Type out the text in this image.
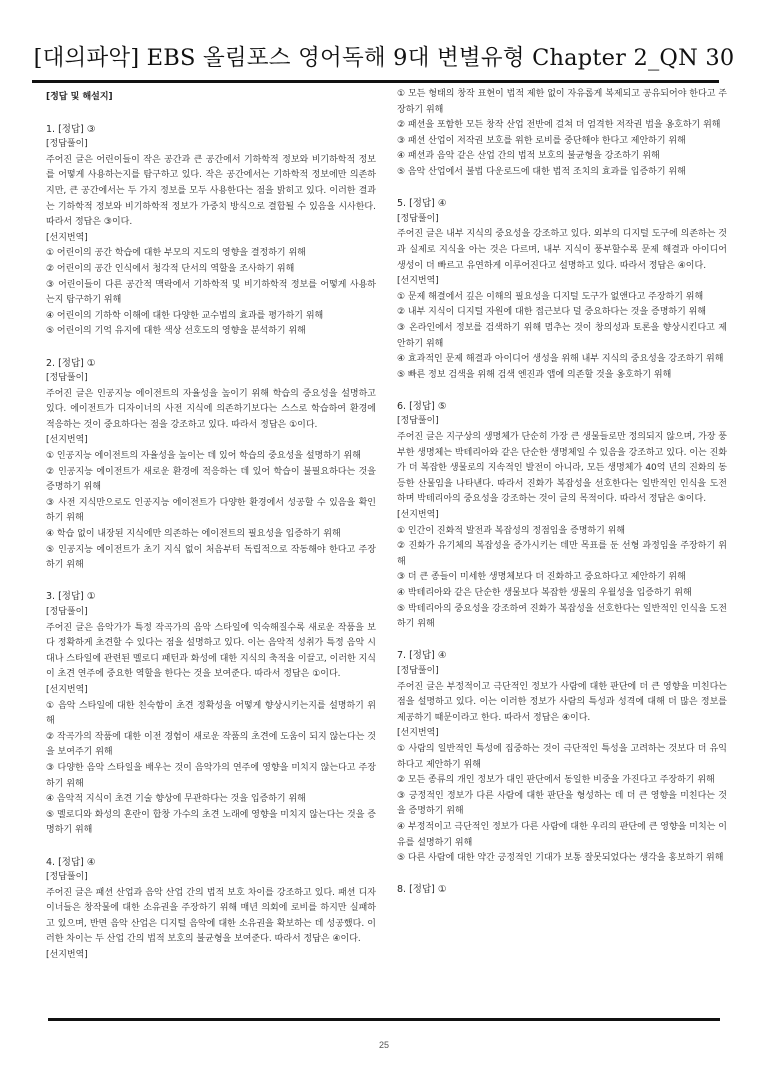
[대의파악] EBS 올림포스 영어독해 9대 변별유형 Chapter 2_QN 30
[정답 및 해설지]
1. [정답] ③
[정답풀이]
주어진 글은 어린이들이 작은 공간과 큰 공간에서 기하학적 정보와 비기하학적 정보를 어떻게 사용하는지를 탐구하고 있다. 작은 공간에서는 기하학적 정보에만 의존하지만, 큰 공간에서는 두 가지 정보를 모두 사용한다는 점을 밝히고 있다. 이러한 결과는 기하학적 정보와 비기하학적 정보가 가중치 방식으로 결합될 수 있음을 시사한다. 따라서 정답은 ③이다.
[선지번역]
① 어린이의 공간 학습에 대한 부모의 지도의 영향을 결정하기 위해
② 어린이의 공간 인식에서 청각적 단서의 역할을 조사하기 위해
③ 어린이들이 다른 공간적 맥락에서 기하학적 및 비기하학적 정보를 어떻게 사용하는지 탐구하기 위해
④ 어린이의 기하학 이해에 대한 다양한 교수법의 효과를 평가하기 위해
⑤ 어린이의 기억 유지에 대한 색상 선호도의 영향을 분석하기 위해
2. [정답] ①
[정답풀이]
주어진 글은 인공지능 에이전트의 자율성을 높이기 위해 학습의 중요성을 설명하고 있다. 에이전트가 디자이너의 사전 지식에 의존하기보다는 스스로 학습하여 환경에 적응하는 것이 중요하다는 점을 강조하고 있다. 따라서 정답은 ①이다.
[선지번역]
① 인공지능 에이전트의 자율성을 높이는 데 있어 학습의 중요성을 설명하기 위해
② 인공지능 에이전트가 새로운 환경에 적응하는 데 있어 학습이 불필요하다는 것을 증명하기 위해
③ 사전 지식만으로도 인공지능 에이전트가 다양한 환경에서 성공할 수 있음을 확인하기 위해
④ 학습 없이 내장된 지식에만 의존하는 에이전트의 필요성을 입증하기 위해
⑤ 인공지능 에이전트가 초기 지식 없이 처음부터 독립적으로 작동해야 한다고 주장하기 위해
3. [정답] ①
[정답풀이]
주어진 글은 음악가가 특정 작곡가의 음악 스타일에 익숙해질수록 새로운 작품을 보다 정확하게 초견할 수 있다는 점을 설명하고 있다. 이는 음악적 성취가 특정 음악 시대나 스타일에 관련된 멜로디 패턴과 화성에 대한 지식의 축적을 이끌고, 이러한 지식이 초견 연주에 중요한 역할을 한다는 것을 보여준다. 따라서 정답은 ①이다.
[선지번역]
① 음악 스타일에 대한 친숙함이 초견 정확성을 어떻게 향상시키는지를 설명하기 위해
② 작곡가의 작품에 대한 이전 경험이 새로운 작품의 초견에 도움이 되지 않는다는 것을 보여주기 위해
③ 다양한 음악 스타일을 배우는 것이 음악가의 연주에 영향을 미치지 않는다고 주장하기 위해
④ 음악적 지식이 초견 기술 향상에 무관하다는 것을 입증하기 위해
⑤ 멜로디와 화성의 혼란이 합창 가수의 초견 노래에 영향을 미치지 않는다는 것을 증명하기 위해
4. [정답] ④
[정답풀이]
주어진 글은 패션 산업과 음악 산업 간의 법적 보호 차이를 강조하고 있다. 패션 디자이너들은 창작물에 대한 소유권을 주장하기 위해 매년 의회에 로비를 하지만 실패하고 있으며, 반면 음악 산업은 디지털 음악에 대한 소유권을 확보하는 데 성공했다. 이러한 차이는 두 산업 간의 법적 보호의 불균형을 보여준다. 따라서 정답은 ④이다.
[선지번역]
① 모든 형태의 창작 표현이 법적 제한 없이 자유롭게 복제되고 공유되어야 한다고 주장하기 위해
② 패션을 포함한 모든 창작 산업 전반에 걸쳐 더 엄격한 저작권 법을 옹호하기 위해
③ 패션 산업이 저작권 보호를 위한 로비를 중단해야 한다고 제안하기 위해
④ 패션과 음악 같은 산업 간의 법적 보호의 불균형을 강조하기 위해
⑤ 음악 산업에서 불법 다운로드에 대한 법적 조치의 효과를 입증하기 위해
5. [정답] ④
[정답풀이]
주어진 글은 내부 지식의 중요성을 강조하고 있다. 외부의 디지털 도구에 의존하는 것과 실제로 지식을 아는 것은 다르며, 내부 지식이 풍부할수록 문제 해결과 아이디어 생성이 더 빠르고 유연하게 이루어진다고 설명하고 있다. 따라서 정답은 ④이다.
[선지번역]
① 문제 해결에서 깊은 이해의 필요성을 디지털 도구가 없앤다고 주장하기 위해
② 내부 지식이 디지털 자원에 대한 접근보다 덜 중요하다는 것을 증명하기 위해
③ 온라인에서 정보를 검색하기 위해 멈추는 것이 창의성과 토론을 향상시킨다고 제안하기 위해
④ 효과적인 문제 해결과 아이디어 생성을 위해 내부 지식의 중요성을 강조하기 위해
⑤ 빠른 정보 검색을 위해 검색 엔진과 앱에 의존할 것을 옹호하기 위해
6. [정답] ⑤
[정답풀이]
주어진 글은 지구상의 생명체가 단순히 가장 큰 생물들로만 정의되지 않으며, 가장 풍부한 생명체는 박테리아와 같은 단순한 생명체일 수 있음을 강조하고 있다. 이는 진화가 더 복잡한 생물로의 지속적인 발전이 아니라, 모든 생명체가 40억 년의 진화의 동등한 산물임을 나타낸다. 따라서 진화가 복잡성을 선호한다는 일반적인 인식을 도전하며 박테리아의 중요성을 강조하는 것이 글의 목적이다. 따라서 정답은 ⑤이다.
[선지번역]
① 인간이 진화적 발전과 복잡성의 정점임을 증명하기 위해
② 진화가 유기체의 복잡성을 증가시키는 데만 목표를 둔 선형 과정임을 주장하기 위해
③ 더 큰 종들이 미세한 생명체보다 더 진화하고 중요하다고 제안하기 위해
④ 박테리아와 같은 단순한 생물보다 복잡한 생물의 우월성을 입증하기 위해
⑤ 박테리아의 중요성을 강조하여 진화가 복잡성을 선호한다는 일반적인 인식을 도전하기 위해
7. [정답] ④
[정답풀이]
주어진 글은 부정적이고 극단적인 정보가 사람에 대한 판단에 더 큰 영향을 미친다는 점을 설명하고 있다. 이는 이러한 정보가 사람의 특성과 성격에 대해 더 많은 정보를 제공하기 때문이라고 한다. 따라서 정답은 ④이다.
[선지번역]
① 사람의 일반적인 특성에 집중하는 것이 극단적인 특성을 고려하는 것보다 더 유익하다고 제안하기 위해
② 모든 종류의 개인 정보가 대인 판단에서 동일한 비중을 가진다고 주장하기 위해
③ 긍정적인 정보가 다른 사람에 대한 판단을 형성하는 데 더 큰 영향을 미친다는 것을 증명하기 위해
④ 부정적이고 극단적인 정보가 다른 사람에 대한 우리의 판단에 큰 영향을 미치는 이유를 설명하기 위해
⑤ 다른 사람에 대한 약간 긍정적인 기대가 보통 잘못되었다는 생각을 홍보하기 위해
8. [정답] ①
25
